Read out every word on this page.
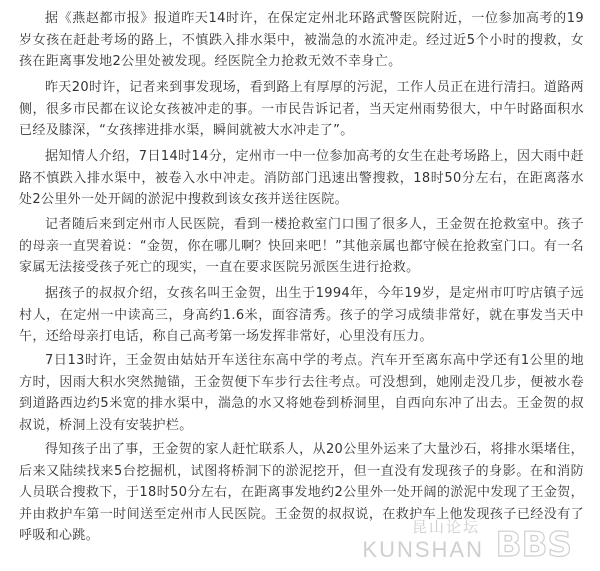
据《燕赵都市报》报道昨天14时许，在保定定州北环路武警医院附近，一位参加高考的19岁女孩在赶赴考场的路上，不慎跌入排水渠中，被湍急的水流冲走。经过近5个小时的搜救，女孩在距离事发地2公里处被发现。经医院全力抢救无效不幸身亡。

昨天20时许，记者来到事发现场，看到路上有厚厚的污泥，工作人员正在进行清扫。道路两侧，很多市民都在议论女孩被冲走的事。一市民告诉记者，当天定州雨势很大，中午时路面积水已经及膝深，“女孩摔进排水渠，瞬间就被大水冲走了”。

据知情人介绍，7日14时14分，定州市一中一位参加高考的女生在赴考场路上，因大雨中赶路不慎跌入排水渠中，被卷入水中冲走。消防部门迅速出警搜救，18时50分左右，在距离落水处2公里外一处开阔的淤泥中搜救到该女孩并送往医院。

记者随后来到定州市人民医院，看到一楼抢救室门口围了很多人，王金贺在抢救室中。孩子的母亲一直哭着说：“金贺，你在哪儿啊？快回来吧！”其他亲属也都守候在抢救室门口。有一名家属无法接受孩子死亡的现实，一直在要求医院另派医生进行抢救。

据孩子的叔叔介绍，女孩名叫王金贺，出生于1994年，今年19岁，是定州市叮咛店镇子远村人，在定州一中读高三，身高约1.6米，面容清秀。孩子的学习成绩非常好，就在事发当天中午，还给母亲打电话，称自己高考第一场发挥非常好，心里没有压力。

7日13时许，王金贺由姑姑开车送往东高中学的考点。汽车开至离东高中学还有1公里的地方时，因雨大积水突然抛锚，王金贺便下车步行去往考点。可没想到，她刚走没几步，便被水卷到道路西边约5米宽的排水渠中，湍急的水又将她卷到桥洞里，自西向东冲了出去。王金贺的叔叔说，桥洞上没有安装护栏。

得知孩子出了事，王金贺的家人赶忙联系人，从20公里外运来了大量沙石，将排水渠堵住，后来又陆续找来5台挖掘机，试图将桥洞下的淤泥挖开，但一直没有发现孩子的身影。在和消防人员联合搜救下，于18时50分左右，在距离事发地约2公里外一处开阔的淤泥中发现了王金贺，并由救护车第一时间送至定州市人民医院。王金贺的叔叔说，在救护车上他发现孩子已经没有了呼吸和心跳。	昆山论坛
KUNSHAN BBS
